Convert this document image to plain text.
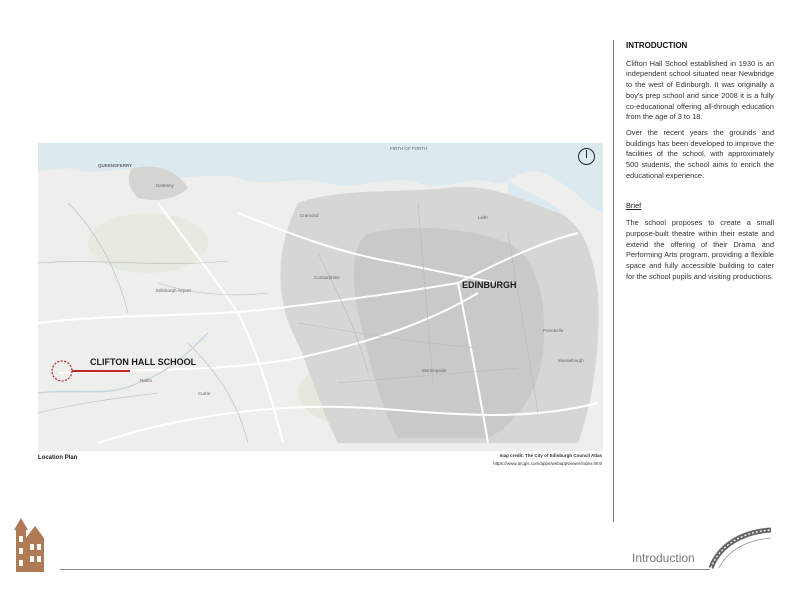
FIRTH OF FORTH
QUEENSFERRY
Dalmeny
Edinburgh Airport
Cramond
Corstorphine
Leith
Morningside
Ratho
Currie
Musselburgh
Portobello
EDINBURGH
CLIFTON HALL SCHOOL
Location Plan	map credit: The City of Edinburgh Council Atlas
https://www.arcgis.com/apps/webappviewer/index.html
INTRODUCTION

Clifton Hall School established in 1930 is an independent school situated near Newbridge to the west of Edinburgh. It was originally a boy's prep school and since 2008 it is a fully co-educational offering all-through education from the age of 3 to 18.

Over the recent years the grounds and buildings has been developed to improve the facilities of the school, with approximately 500 students, the school aims to enrich the educational experience.

Brief

The school proposes to create a small purpose-built theatre within their estate and extend the offering of their Drama and Performing Arts program, providing a flexible space and fully accessible building to cater for the school pupils and visiting productions.

Introduction
